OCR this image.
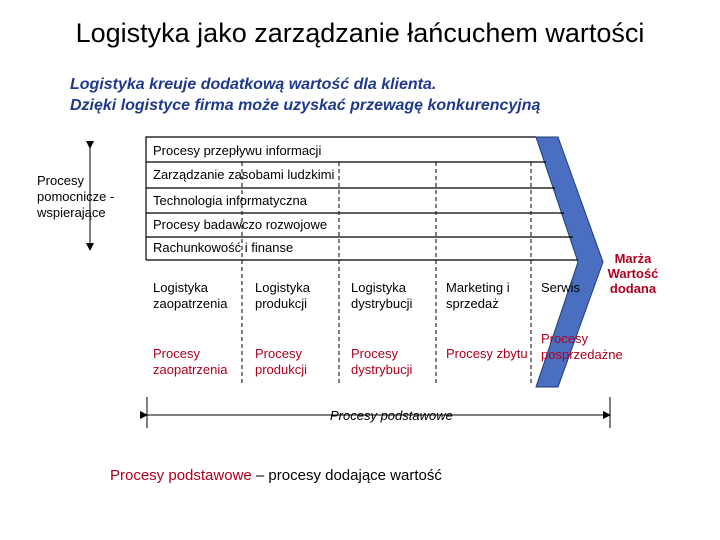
Logistyka jako zarządzanie łańcuchem wartości
Logistyka kreuje dodatkową wartość dla klienta.
Dzięki logistyce firma może uzyskać przewagę konkurencyjną
Procesy pomocnicze - wspierające
Procesy przepływu informacji
Zarządzanie zasobami ludzkimi
Technologia informatyczna
Procesy badawczo rozwojowe
Rachunkowość i finanse
Logistyka zaopatrzenia
Logistyka produkcji
Logistyka dystrybucji
Marketing i sprzedaż
Serwis
Procesy zaopatrzenia
Procesy produkcji
Procesy dystrybucji
Procesy zbytu
Procesy posprzedażne
Marża Wartość dodana
Procesy podstawowe
Procesy podstawowe – procesy dodające wartość
